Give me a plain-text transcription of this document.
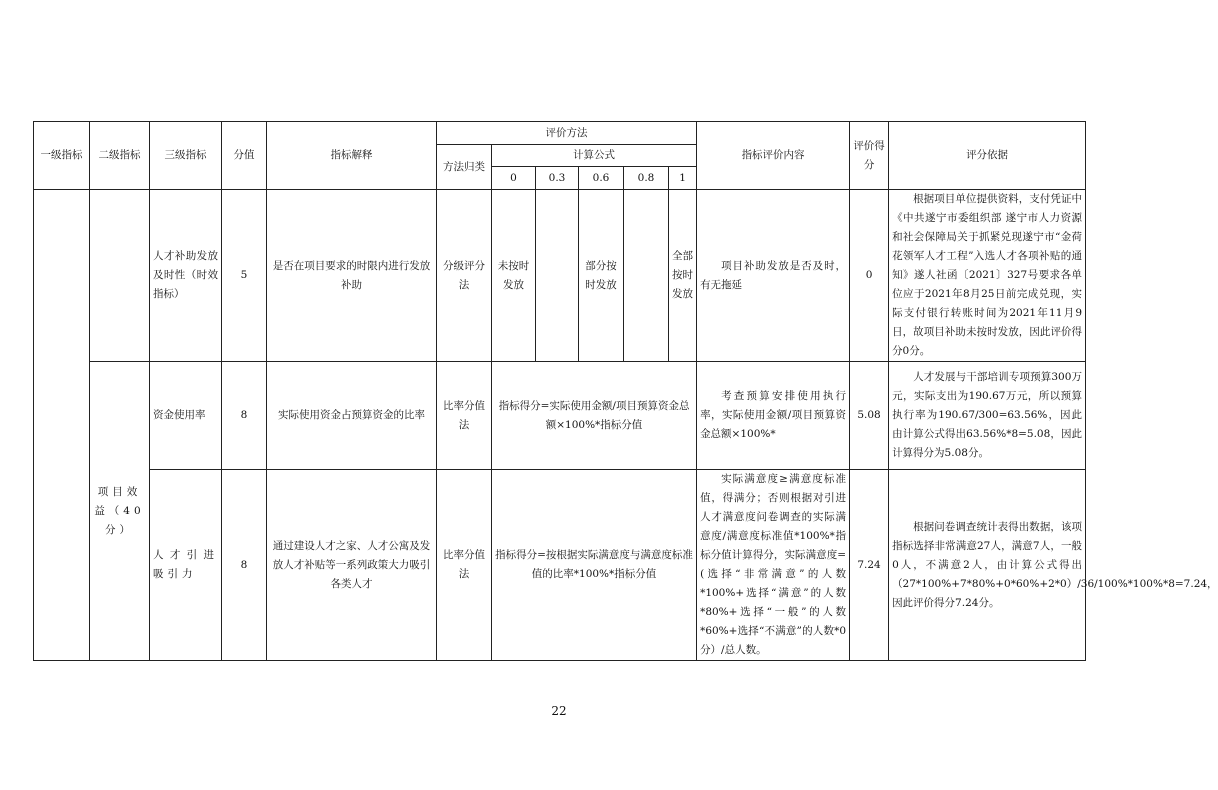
一级指标	二级指标	三级指标	分值	指标解释	评价方法						指标评价内容	评价得分	评分依据
					方法归类	计算公式							
						0	0.3	0.6	0.8	1			
		人才补助发放及时性（时效指标）	5	是否在项目要求的时限内进行发放补助	分级评分法	未按时发放		部分按时发放		全部按时发放	项目补助发放是否及时，有无拖延	0	根据项目单位提供资料，支付凭证中《中共遂宁市委组织部 遂宁市人力资源和社会保障局关于抓紧兑现遂宁市“金荷花领军人才工程”入选人才各项补贴的通知》遂人社函〔2021〕327号要求各单位应于2021年8月25日前完成兑现，实际支付银行转账时间为2021年11月9日，故项目补助未按时发放，因此评价得分0分。
	项目效益（40分）	资金使用率	8	实际使用资金占预算资金的比率	比率分值法	指标得分=实际使用金额/项目预算资金总额×100%*指标分值					考查预算安排使用执行率，实际使用金额/项目预算资金总额×100%*	5.08	人才发展与干部培训专项预算300万元，实际支出为190.67万元，所以预算执行率为190.67/300=63.56%，因此由计算公式得出63.56%*8=5.08，因此计算得分为5.08分。
		人才引进吸引力	8	通过建设人才之家、人才公寓及发放人才补贴等一系列政策大力吸引各类人才	比率分值法	指标得分=按根据实际满意度与满意度标准值的比率*100%*指标分值					实际满意度≥满意度标准值，得满分；否则根据对引进人才满意度问卷调查的实际满意度/满意度标准值*100%*指标分值计算得分，实际满意度=(选择“非常满意”的人数*100%+选择“满意”的人数*80%+选择“一般”的人数*60%+选择“不满意”的人数*0分）/总人数。	7.24	根据问卷调查统计表得出数据，该项指标选择非常满意27人，满意7人，一般0人，不满意2人，由计算公式得出（27*100%+7*80%+0*60%+2*0）/36/100%*100%*8=7.24，因此评价得分7.24分。
22
